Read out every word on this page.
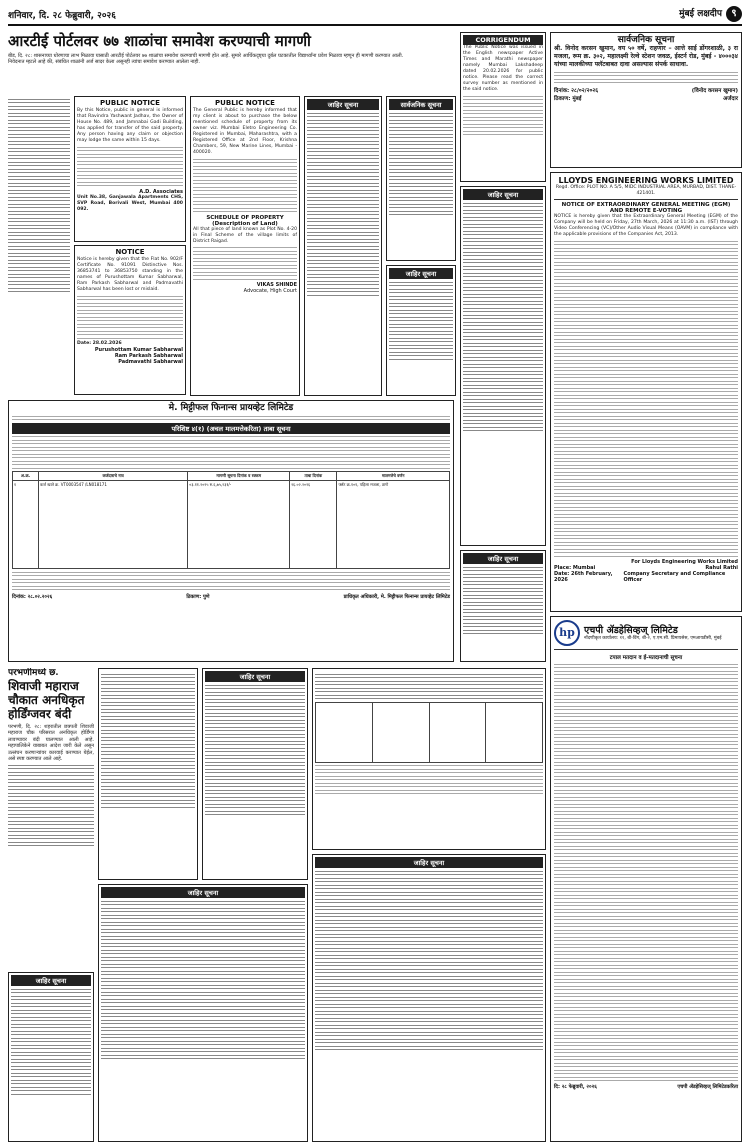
शनिवार, दि. २८ फेब्रुवारी, २०२६	मुंबई लक्षदीप ९
आरटीई पोर्टलवर ७७ शाळांचा समावेश करण्याची मागणी
बीड, दि. २८: शासनाच्या धोरणाचा लाभ मिळावा यासाठी आरटीई पोर्टलवर ७७ शाळांचा समावेश करण्याची मागणी होत आहे. सुमारे आर्थिकदृष्ट्या दुर्बल घटकातील विद्यार्थ्यांना प्रवेश मिळावा म्हणून ही मागणी करण्यात आली.
निवेदनात म्हटले आहे की, संबंधित शाळांनी अर्ज सादर केला असूनही त्यांचा समावेश करण्यात आलेला नाही.
PUBLIC NOTICE
By this Notice, public in general is informed that Ravindra Yashwant Jadhav, the Owner of House No. 489, and Jamnabai Gadi Building, has applied for transfer of the said property. Any person having any claim or objection may lodge the same within 15 days.
A.D. Associates
Unit No.38, Ganjawala Apartments CHS, SVP Road, Borivali West, Mumbai 400 092.
NOTICE
Notice is hereby given that the Flat No. 902/F Certificate No. 91091 Distinctive Nos. 36853741 to 36853750 standing in the names of Purushottam Kumar Sabharwal, Ram Parkash Sabharwal and Padmavathi Sabharwal has been lost or mislaid.
Date: 28.02.2026
Purushottam Kumar Sabharwal
Ram Parkash Sabharwal
Padmavathi Sabharwal
PUBLIC NOTICE
The General Public is hereby informed that my client is about to purchase the below mentioned schedule of property from its owner viz. Mumbai Eletro Engineering Co. Registered in Mumbai, Maharashtra, with a Registered Office at 2nd Floor, Krishna Chambers, 59, New Marine Lines, Mumbai - 400020.
SCHEDULE OF PROPERTY
(Description of Land)
All that piece of land known as Plot No. 4-20 in Final Scheme of the village limits of District Raigad.
VIKAS SHINDE
Advocate, High Court
जाहिर सूचना	सार्वजनिक सूचना
जाहिर सूचना
CORRIGENDUM
The Public Notice was issued in the English newspaper Active Times and Marathi newspaper namely Mumbai Lakshadeep dated 20.02.2026 for public notice. Please read the correct survey number as mentioned in the said notice.
जाहिर सूचना
सार्वजनिक सूचना
श्री. विनोद करसन खुमान, वय ५० वर्षे, राहणार – आत्ते साई डोंगरशाळी, ३ रा मजला, रूम क्र. ३०२, महालक्ष्मी रेल्वे स्टेशन जवळ, ईस्टर्न रोड, मुंबई - ४०००३४ यांच्या मालकीच्या फ्लॅटबाबत दावा असल्यास संपर्क साधावा.
दिनांक: २८/०२/२०२६	(विनोद करसन खुमान)
ठिकाण: मुंबई	अर्जदार
LLOYDS ENGINEERING WORKS LIMITED
Regd. Office: PLOT NO. A 5/5, MIDC INDUSTRIAL AREA, MURBAD, DIST. THANE- 421401.
NOTICE OF EXTRAORDINARY GENERAL MEETING (EGM) AND REMOTE E-VOTING
NOTICE is hereby given that the Extraordinary General Meeting (EGM) of the Company will be held on Friday, 27th March, 2026 at 11:30 a.m. (IST) through Video Conferencing (VC)/Other Audio Visual Means (OAVM) in compliance with the applicable provisions of the Companies Act, 2013.
For Lloyds Engineering Works Limited
Place: Mumbai	Rahul Rathi
Date: 26th February, 2026
Company Secretary and Compliance Officer
मे. मिट्टीफल फिनान्स प्रायव्हेट लिमिटेड
परिशिष्ट ४(१) (अचल मालमत्तेकरिता) ताबा सूचना
अ.क्र.	कर्जदाराचे नाव	मागणी सूचना दिनांक व रक्कम	ताबा दिनांक	मालमत्तेचे वर्णन
१	कर्ज खाते क्र. VT0003547 /LN018171	०३.११.२०२५ रु.६,७५,२३१/-	२६.०२.२०२६	फ्लॅट क्र.१०१, पहिला मजला, ठाणे
दिनांक: २८.०२.२०२६	ठिकाण: पुणे	प्राधिकृत अधिकारी, मे. मिट्टीफल फिनान्स प्रायव्हेट लिमिटेड
जाहिर सूचना
परभणीमध्ये छ.
शिवाजी महाराज चौकात अनधिकृत होर्डिंग्जवर बंदी
परभणी, दि. २८: शहरातील छत्रपती शिवाजी महाराज चौक परिसरात अनधिकृत होर्डिंग्ज लावण्यावर बंदी घालण्यात आली आहे. महापालिकेने याबाबत आदेश जारी केले असून उल्लंघन करणाऱ्यांवर कारवाई करण्यात येईल, असे स्पष्ट करण्यात आले आहे.
जाहिर सूचना

जाहिर सूचना
जाहिर सूचना
जाहिर सूचना
hp एचपी ॲडहेसिव्हज् लिमिटेड
नोंदणीकृत कार्यालय: ११, बी-विंग, बी-२, ए.एम.सी. प्रिमायसेस, एमआयडीसी, मुंबई
टपाल मतदान व ई-मतदानाची सूचना
दि: २८ फेब्रुवारी, २०२६	एचपी ॲडहेसिव्हज् लिमिटेडकरिता
